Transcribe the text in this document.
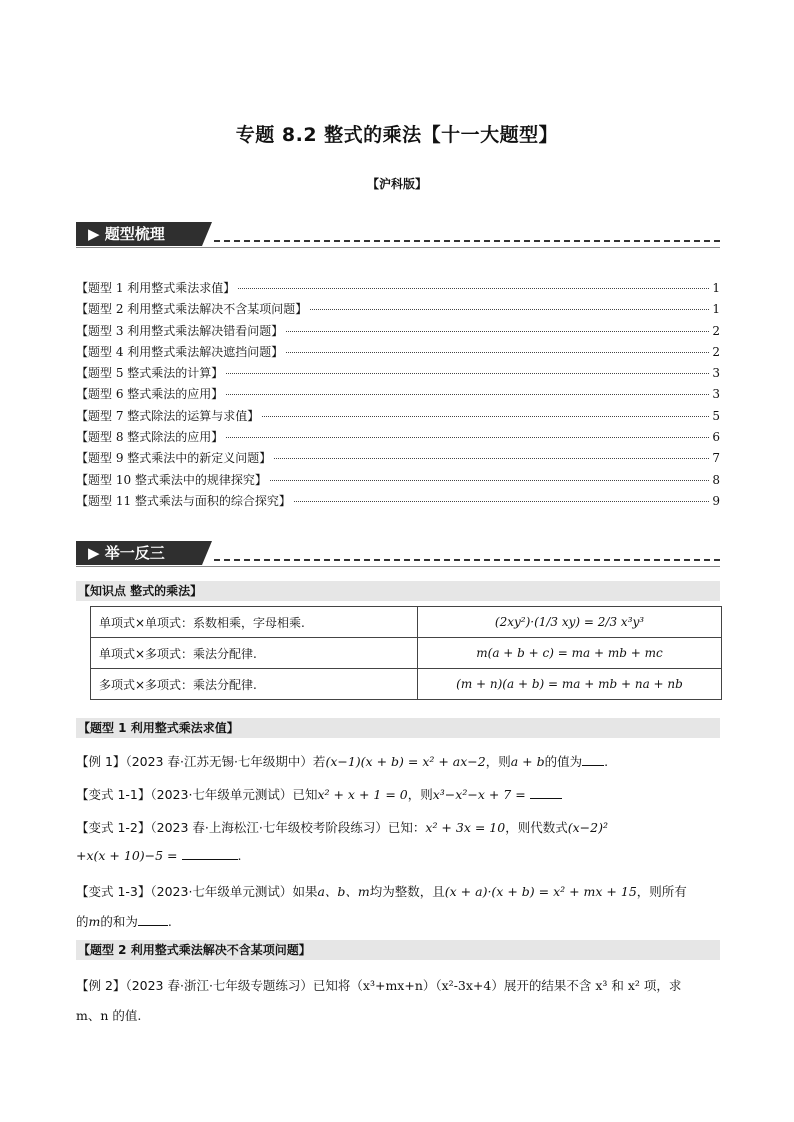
专题 8.2 整式的乘法【十一大题型】
【沪科版】
▶ 题型梳理
【题型 1 利用整式乘法求值】	1
【题型 2 利用整式乘法解决不含某项问题】	1
【题型 3 利用整式乘法解决错看问题】	2
【题型 4 利用整式乘法解决遮挡问题】	2
【题型 5 整式乘法的计算】	3
【题型 6 整式乘法的应用】	3
【题型 7 整式除法的运算与求值】	5
【题型 8 整式除法的应用】	6
【题型 9 整式乘法中的新定义问题】	7
【题型 10 整式乘法中的规律探究】	8
【题型 11 整式乘法与面积的综合探究】	9
▶ 举一反三
【知识点 整式的乘法】
单项式×单项式：系数相乘，字母相乘.	(2xy²)·(1/3 xy) = 2/3 x³y³
单项式×多项式：乘法分配律.	m(a + b + c) = ma + mb + mc
多项式×多项式：乘法分配律.	(m + n)(a + b) = ma + mb + na + nb
【题型 1 利用整式乘法求值】
【例 1】（2023 春·江苏无锡·七年级期中）若(x−1)(x + b) = x² + ax−2，则a + b的值为 .
【变式 1-1】（2023·七年级单元测试）已知x² + x + 1 = 0，则x³−x²−x + 7 =
【变式 1-2】（2023 春·上海松江·七年级校考阶段练习）已知：x² + 3x = 10，则代数式(x−2)²
+x(x + 10)−5 =	.
【变式 1-3】（2023·七年级单元测试）如果a、b、m均为整数，且(x + a)·(x + b) = x² + mx + 15，则所有
的m的和为 .
【题型 2 利用整式乘法解决不含某项问题】
【例 2】（2023 春·浙江·七年级专题练习）已知将（x³+mx+n）（x²-3x+4）展开的结果不含 x³ 和 x² 项，求
m、n 的值.
